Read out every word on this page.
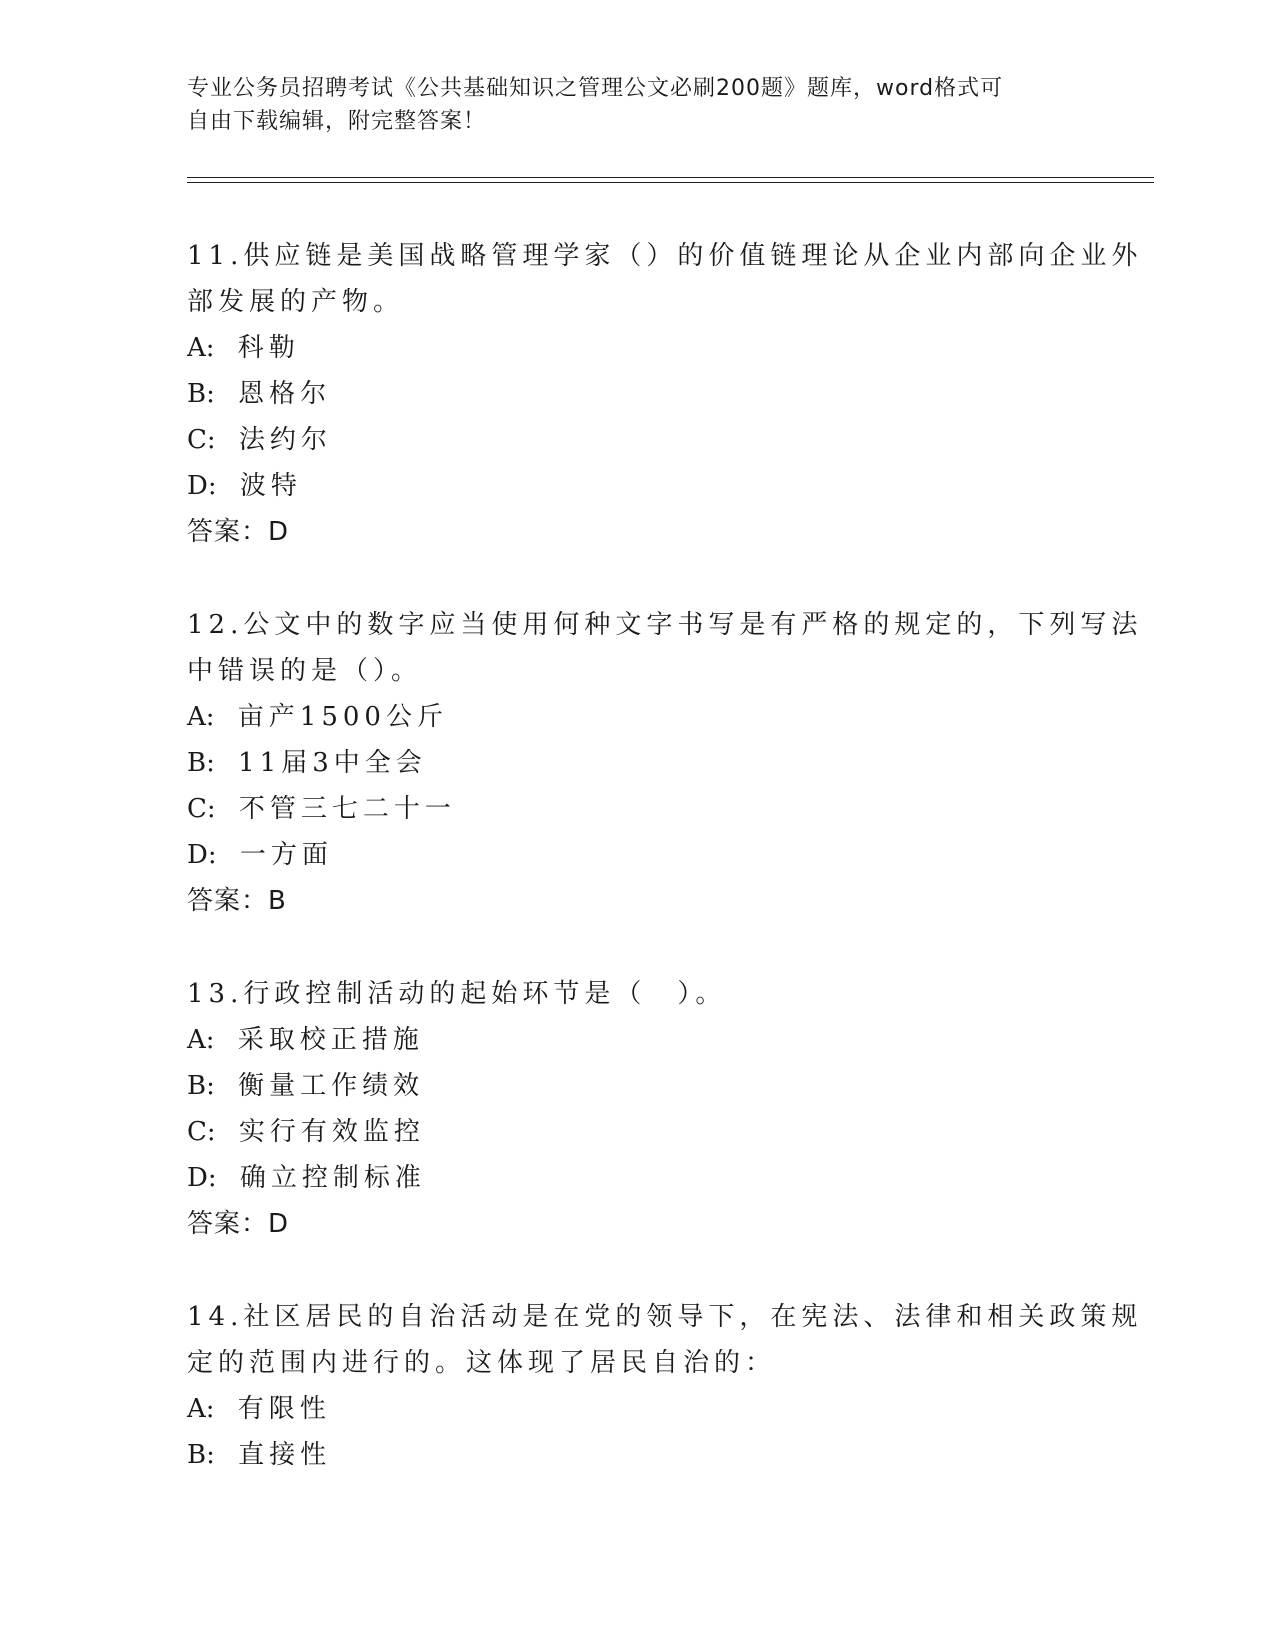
专业公务员招聘考试《公共基础知识之管理公文必刷200题》题库，word格式可
自由下载编辑，附完整答案！
11.供应链是美国战略管理学家（）的价值链理论从企业内部向企业外
部发展的产物。
A: 科勒
B: 恩格尔
C: 法约尔
D: 波特
答案：D
12.公文中的数字应当使用何种文字书写是有严格的规定的，下列写法
中错误的是（）。
A: 亩产1500公斤
B: 11届3中全会
C: 不管三七二十一
D: 一方面
答案：B
13.行政控制活动的起始环节是（　）。
A: 采取校正措施
B: 衡量工作绩效
C: 实行有效监控
D: 确立控制标准
答案：D
14.社区居民的自治活动是在党的领导下，在宪法、法律和相关政策规
定的范围内进行的。这体现了居民自治的：
A: 有限性
B: 直接性
